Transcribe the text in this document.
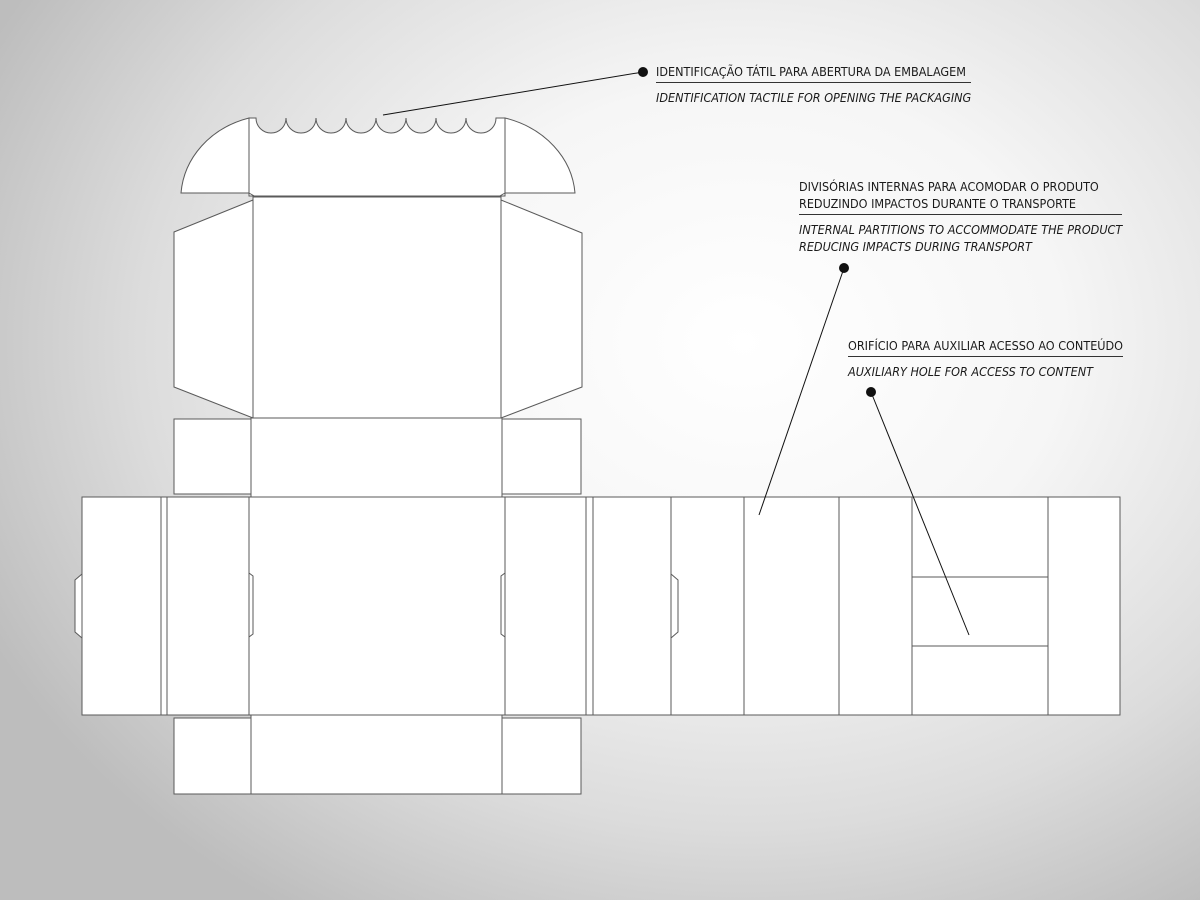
IDENTIFICAÇÃO TÁTIL PARA ABERTURA DA EMBALAGEM
IDENTIFICATION TACTILE FOR OPENING THE PACKAGING
DIVISÓRIAS INTERNAS PARA ACOMODAR O PRODUTO
REDUZINDO IMPACTOS DURANTE O TRANSPORTE
INTERNAL PARTITIONS TO ACCOMMODATE THE PRODUCT
REDUCING IMPACTS DURING TRANSPORT
ORIFÍCIO PARA AUXILIAR ACESSO AO CONTEÚDO
AUXILIARY HOLE FOR ACCESS TO CONTENT
